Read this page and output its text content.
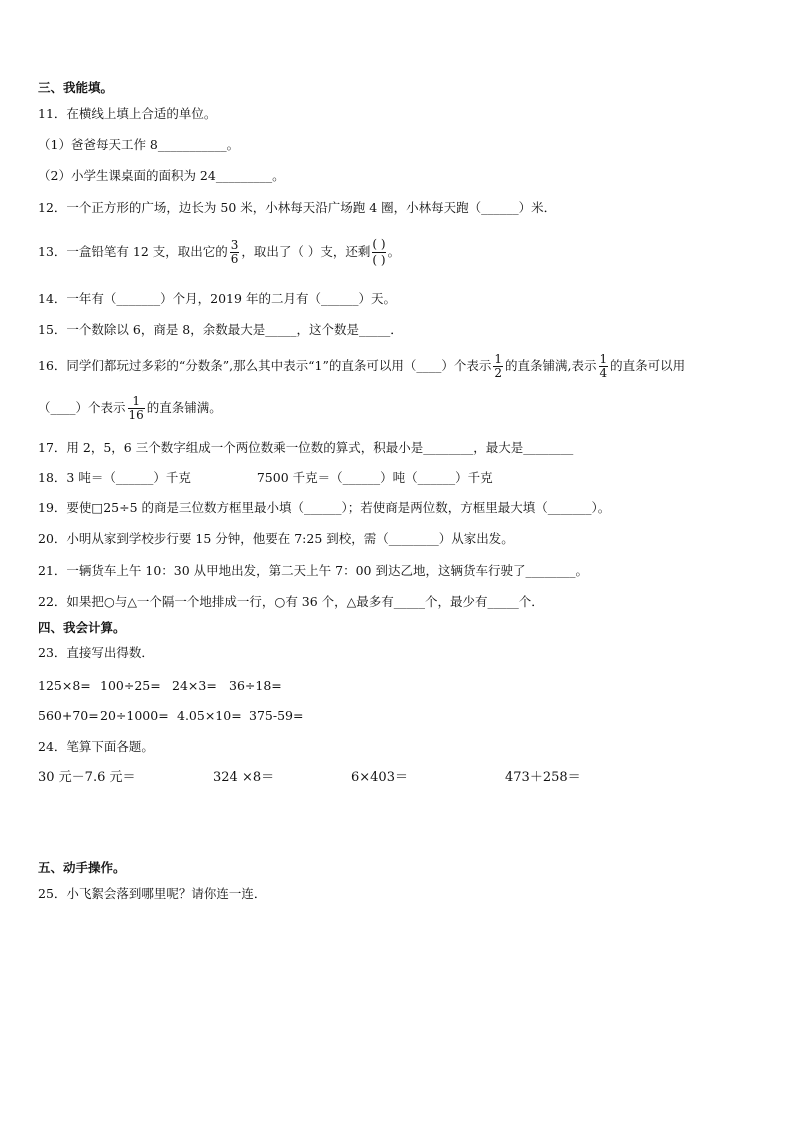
三、我能填。
11．在横线上填上合适的单位。
（1）爸爸每天工作 8___________。
（2）小学生课桌面的面积为 24_________。
12．一个正方形的广场，边长为 50 米，小林每天沿广场跑 4 圈，小林每天跑（______）米．
13．一盒铅笔有 12 支，取出它的 $\frac{3}{6}$ ，取出了（ ）支，还剩 $\frac{( )}{( )}$ 。
14．一年有（_______）个月，2019 年的二月有（______）天。
15．一个数除以 6，商是 8，余数最大是_____，这个数是_____．
16．同学们都玩过多彩的“分数条”,那么其中表示“1”的直条可以用（____）个表示 $\frac{1}{2}$ 的直条铺满,表示 $\frac{1}{4}$ 的直条可以用
（____）个表示 $\frac{1}{16}$ 的直条铺满。
17．用 2，5，6 三个数字组成一个两位数乘一位数的算式，积最小是________，最大是________
18．3 吨＝（______）千克	7500 千克＝（______）吨（______）千克
19．要使□25÷5 的商是三位数方框里最小填（______）；若使商是两位数，方框里最大填（_______）。
20．小明从家到学校步行要 15 分钟，他要在 7:25 到校，需（________）从家出发。
21．一辆货车上午 10：30 从甲地出发，第二天上午 7：00 到达乙地，这辆货车行驶了________。
22．如果把○与△一个隔一个地排成一行，○有 36 个，△最多有_____个，最少有_____个．
四、我会计算。
23．直接写出得数．
125×8= 100÷25= 24×3= 36÷18=
560+70=20÷1000= 4.05×10= 375-59=
24．笔算下面各题。
30 元－7.6 元＝	324 ×8＝	6×403＝	473＋258＝
五、动手操作。
25．小飞絮会落到哪里呢？请你连一连．
